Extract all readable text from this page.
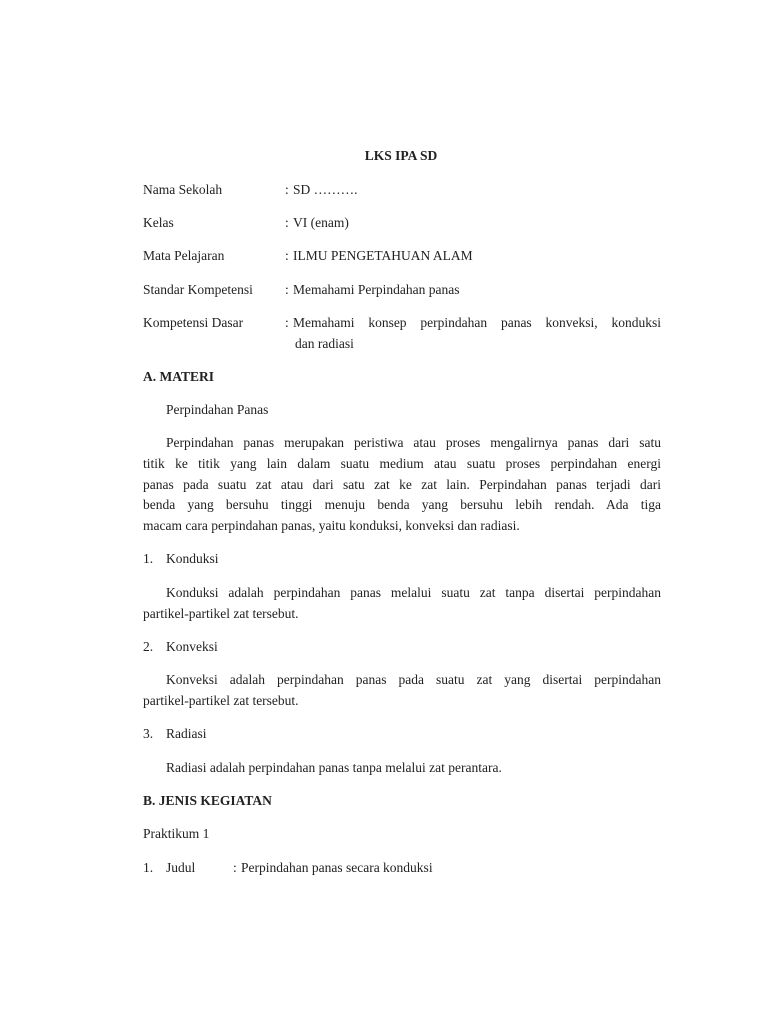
LKS IPA SD
Nama Sekolah	: SD ……….
Kelas	: VI (enam)
Mata Pelajaran	: ILMU PENGETAHUAN ALAM
Standar Kompetensi : Memahami Perpindahan panas
Kompetensi Dasar	: Memahami konsep perpindahan panas konveksi, konduksi
dan radiasi
A. MATERI
Perpindahan Panas
Perpindahan panas merupakan peristiwa atau proses mengalirnya panas dari satu
titik ke titik yang lain dalam suatu medium atau suatu proses perpindahan energi
panas pada suatu zat atau dari satu zat ke zat lain. Perpindahan panas terjadi dari
benda yang bersuhu tinggi menuju benda yang bersuhu lebih rendah. Ada tiga
macam cara perpindahan panas, yaitu konduksi, konveksi dan radiasi.
1. Konduksi
Konduksi adalah perpindahan panas melalui suatu zat tanpa disertai perpindahan
partikel-partikel zat tersebut.
2. Konveksi
Konveksi adalah perpindahan panas pada suatu zat yang disertai perpindahan
partikel-partikel zat tersebut.
3. Radiasi
Radiasi adalah perpindahan panas tanpa melalui zat perantara.
B. JENIS KEGIATAN
Praktikum 1
1. Judul	: Perpindahan panas secara konduksi
